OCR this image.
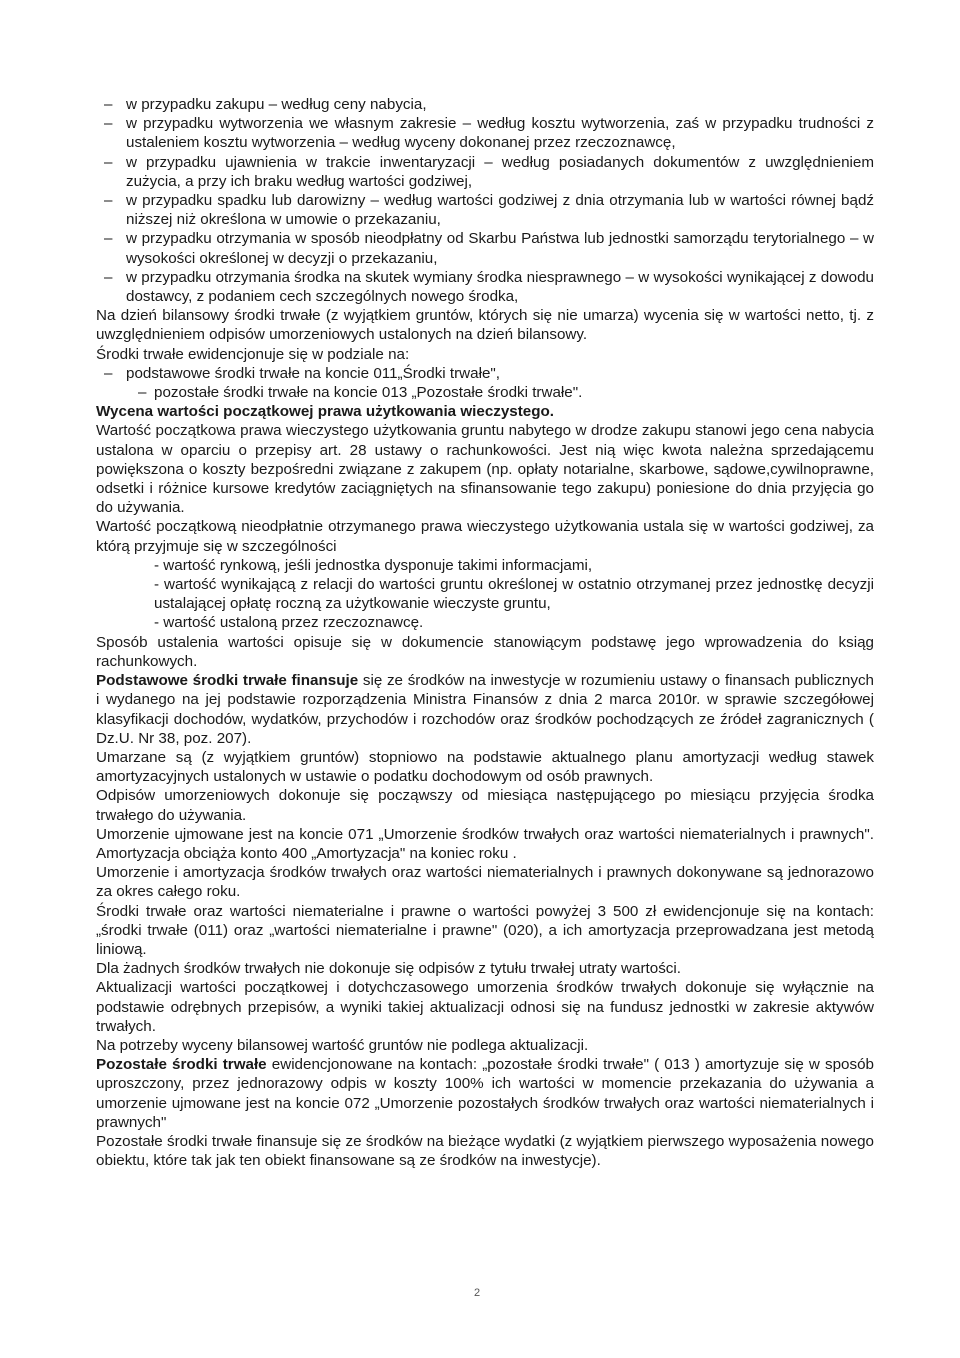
– w przypadku zakupu – według ceny nabycia,

– w przypadku wytworzenia we własnym zakresie – według kosztu wytworzenia, zaś w przypadku trudności z ustaleniem kosztu wytworzenia – według wyceny dokonanej przez rzeczoznawcę,

– w przypadku ujawnienia w trakcie inwentaryzacji – według posiadanych dokumentów z uwzględnieniem zużycia, a przy ich braku według wartości godziwej,

– w przypadku spadku lub darowizny – według wartości godziwej z dnia otrzymania lub w wartości równej bądź niższej niż określona w umowie o przekazaniu,

– w przypadku otrzymania w sposób nieodpłatny od Skarbu Państwa lub jednostki samorządu terytorialnego – w wysokości określonej w decyzji o przekazaniu,

– w przypadku otrzymania środka na skutek wymiany środka niesprawnego – w wysokości wynikającej z dowodu dostawcy, z podaniem cech szczególnych nowego środka,

Na dzień bilansowy środki trwałe (z wyjątkiem gruntów, których się nie umarza) wycenia się w wartości netto, tj. z uwzględnieniem odpisów umorzeniowych ustalonych na dzień bilansowy.

Środki trwałe ewidencjonuje się w podziale na:

– podstawowe środki trwałe na koncie 011„Środki trwałe",

– pozostałe środki trwałe na koncie 013 „Pozostałe środki trwałe".

Wycena wartości początkowej prawa użytkowania wieczystego.

Wartość początkowa prawa wieczystego użytkowania gruntu nabytego w drodze zakupu stanowi jego cena nabycia ustalona w oparciu o przepisy art. 28 ustawy o rachunkowości. Jest nią więc kwota należna sprzedającemu powiększona o koszty bezpośredni związane z zakupem (np. opłaty notarialne, skarbowe, sądowe,cywilnoprawne, odsetki i różnice kursowe kredytów zaciągniętych na sfinansowanie tego zakupu) poniesione do dnia przyjęcia go do używania.

Wartość początkową nieodpłatnie otrzymanego prawa wieczystego użytkowania ustala się w wartości godziwej, za którą przyjmuje się w szczególności

- wartość rynkową, jeśli jednostka dysponuje takimi informacjami,

- wartość wynikającą z relacji do wartości gruntu określonej w ostatnio otrzymanej przez jednostkę decyzji ustalającej opłatę roczną za użytkowanie wieczyste gruntu,

- wartość ustaloną przez rzeczoznawcę.

Sposób ustalenia wartości opisuje się w dokumencie stanowiącym podstawę jego wprowadzenia do ksiąg rachunkowych.

Podstawowe środki trwałe finansuje się ze środków na inwestycje w rozumieniu ustawy o finansach publicznych i wydanego na jej podstawie rozporządzenia Ministra Finansów z dnia 2 marca 2010r. w sprawie szczegółowej klasyfikacji dochodów, wydatków, przychodów i rozchodów oraz środków pochodzących ze źródeł zagranicznych ( Dz.U. Nr 38, poz. 207).

Umarzane są (z wyjątkiem gruntów) stopniowo na podstawie aktualnego planu amortyzacji według stawek amortyzacyjnych ustalonych w ustawie o podatku dochodowym od osób prawnych.

Odpisów umorzeniowych dokonuje się począwszy od miesiąca następującego po miesiącu przyjęcia środka trwałego do używania.

Umorzenie ujmowane jest na koncie 071 „Umorzenie środków trwałych oraz wartości niematerialnych i prawnych". Amortyzacja obciąża konto 400 „Amortyzacja" na koniec roku .

Umorzenie i amortyzacja środków trwałych oraz wartości niematerialnych i prawnych dokonywane są jednorazowo za okres całego roku.

Środki trwałe oraz wartości niematerialne i prawne o wartości powyżej 3 500 zł ewidencjonuje się na kontach: „środki trwałe (011) oraz „wartości niematerialne i prawne" (020), a ich amortyzacja przeprowadzana jest metodą liniową.

Dla żadnych środków trwałych nie dokonuje się odpisów z tytułu trwałej utraty wartości.

Aktualizacji wartości początkowej i dotychczasowego umorzenia środków trwałych dokonuje się wyłącznie na podstawie odrębnych przepisów, a wyniki takiej aktualizacji odnosi się na fundusz jednostki w zakresie aktywów trwałych.

Na potrzeby wyceny bilansowej wartość gruntów nie podlega aktualizacji.

Pozostałe środki trwałe ewidencjonowane na kontach: „pozostałe środki trwałe" ( 013 ) amortyzuje się w sposób uproszczony, przez jednorazowy odpis w koszty 100% ich wartości w momencie przekazania do używania a umorzenie ujmowane jest na koncie 072 „Umorzenie pozostałych środków trwałych oraz wartości niematerialnych i prawnych"

Pozostałe środki trwałe finansuje się ze środków na bieżące wydatki (z wyjątkiem pierwszego wyposażenia nowego obiektu, które tak jak ten obiekt finansowane są ze środków na inwestycje).

2
